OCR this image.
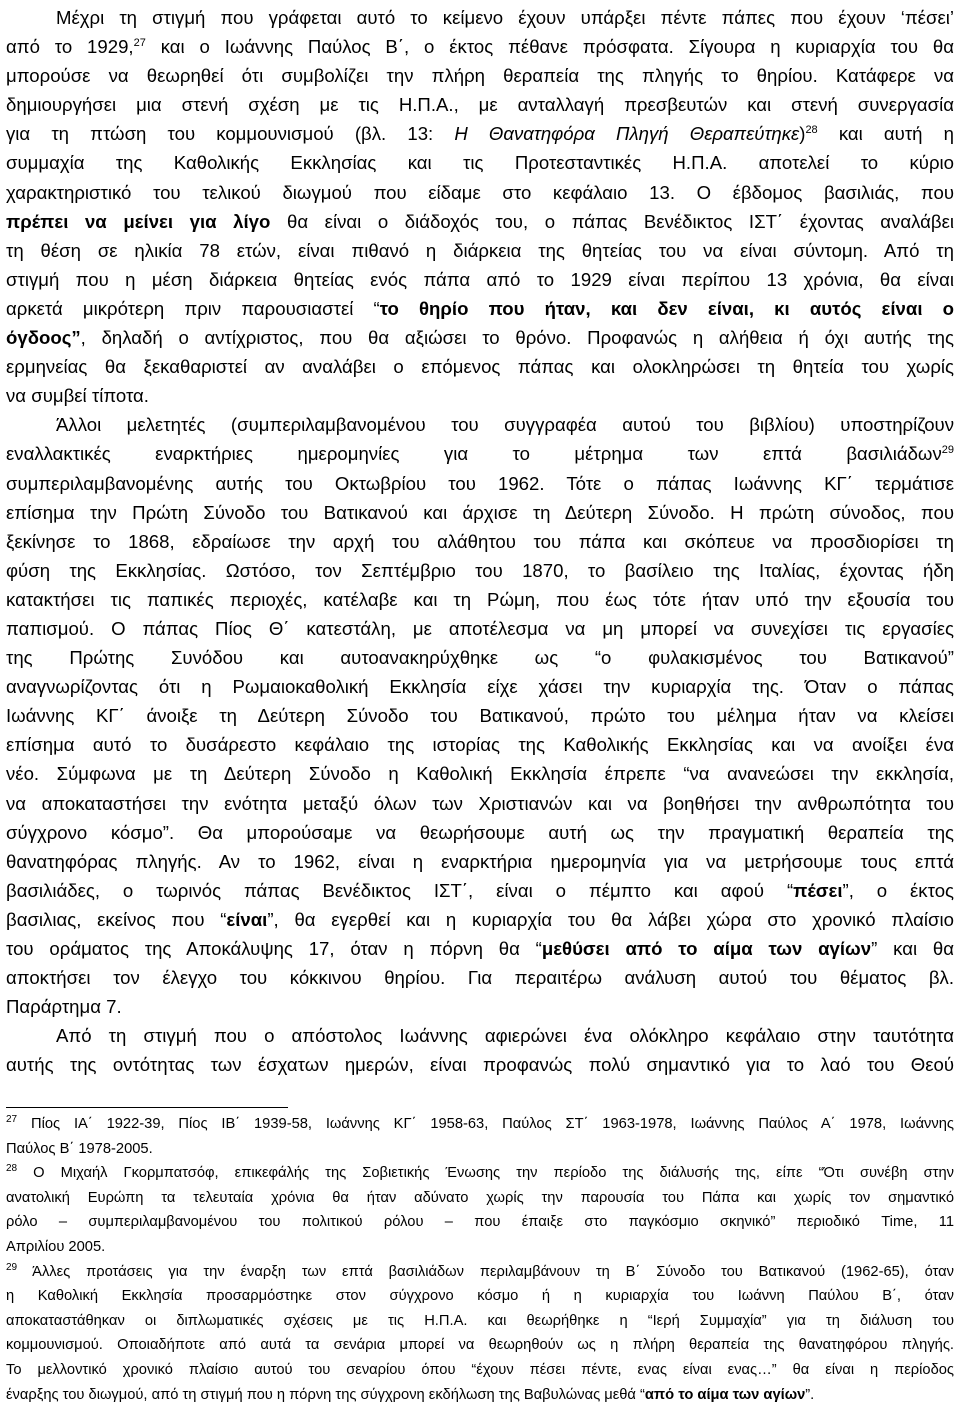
Μέχρι τη στιγμή που γράφεται αυτό το κείμενο έχουν υπάρξει πέντε πάπες που έχουν ‘πέσει’
από το 1929,27 και ο Ιωάννης Παύλος Β΄, ο έκτος πέθανε πρόσφατα. Σίγουρα η κυριαρχία του θα
μπορούσε να θεωρηθεί ότι συμβολίζει την πλήρη θεραπεία της πληγής το θηρίου. Κατάφερε να
δημιουργήσει μια στενή σχέση με τις Η.Π.Α., με ανταλλαγή πρεσβευτών και στενή συνεργασία
για τη πτώση του κομμουνισμού (βλ. 13: Η Θανατηφόρα Πληγή Θεραπεύτηκε)$^{28}$ και αυτή η
συμμαχία της Καθολικής Εκκλησίας και τις Προτεσταντικές Η.Π.Α. αποτελεί το κύριο
χαρακτηριστικό του τελικού διωγμού που είδαμε στο κεφάλαιο 13. Ο έβδομος βασιλιάς, που
πρέπει να μείνει για λίγο θα είναι ο διάδοχός του, ο πάπας Βενέδικτος ΙΣΤ΄ έχοντας αναλάβει
τη θέση σε ηλικία 78 ετών, είναι πιθανό η διάρκεια της θητείας του να είναι σύντομη. Από τη
στιγμή που η μέση διάρκεια θητείας ενός πάπα από το 1929 είναι περίπου 13 χρόνια, θα είναι
αρκετά μικρότερη πριν παρουσιαστεί “το θηρίο που ήταν, και δεν είναι, κι αυτός είναι ο
όγδοος”, δηλαδή ο αντίχριστος, που θα αξιώσει το θρόνο. Προφανώς η αλήθεια ή όχι αυτής της
ερμηνείας θα ξεκαθαριστεί αν αναλάβει ο επόμενος πάπας και ολοκληρώσει τη θητεία του χωρίς
να συμβεί τίποτα.
Άλλοι μελετητές (συμπεριλαμβανομένου του συγγραφέα αυτού του βιβλίου) υποστηρίζουν
εναλλακτικές εναρκτήριες ημερομηνίες για το μέτρημα των επτά βασιλιάδων$^{29}$
συμπεριλαμβανομένης αυτής του Οκτωβρίου του 1962. Τότε ο πάπας Ιωάννης ΚΓ΄ τερμάτισε
επίσημα την Πρώτη Σύνοδο του Βατικανού και άρχισε τη Δεύτερη Σύνοδο. Η πρώτη σύνοδος, που
ξεκίνησε το 1868, εδραίωσε την αρχή του αλάθητου του πάπα και σκόπευε να προσδιορίσει τη
φύση της Εκκλησίας. Ωστόσο, τον Σεπτέμβριο του 1870, το βασίλειο της Ιταλίας, έχοντας ήδη
κατακτήσει τις παπικές περιοχές, κατέλαβε και τη Ρώμη, που έως τότε ήταν υπό την εξουσία του
παπισμού. Ο πάπας Πίος Θ΄ κατεστάλη, με αποτέλεσμα να μη μπορεί να συνεχίσει τις εργασίες
της Πρώτης Συνόδου και αυτοανακηρύχθηκε ως “ο φυλακισμένος του Βατικανού”
αναγνωρίζοντας ότι η Ρωμαιοκαθολική Εκκλησία είχε χάσει την κυριαρχία της. Όταν ο πάπας
Ιωάννης ΚΓ΄ άνοιξε τη Δεύτερη Σύνοδο του Βατικανού, πρώτο του μέλημα ήταν να κλείσει
επίσημα αυτό το δυσάρεστο κεφάλαιο της ιστορίας της Καθολικής Εκκλησίας και να ανοίξει ένα
νέο. Σύμφωνα με τη Δεύτερη Σύνοδο η Καθολική Εκκλησία έπρεπε “να ανανεώσει την εκκλησία,
να αποκαταστήσει την ενότητα μεταξύ όλων των Χριστιανών και να βοηθήσει την ανθρωπότητα του
σύγχρονο κόσμο”. Θα μπορούσαμε να θεωρήσουμε αυτή ως την πραγματική θεραπεία της
θανατηφόρας πληγής. Αν το 1962, είναι η εναρκτήρια ημερομηνία για να μετρήσουμε τους επτά
βασιλιάδες, ο τωρινός πάπας Βενέδικτος ΙΣΤ΄, είναι ο πέμπτο και αφού “πέσει”, ο έκτος
βασιλιας, εκείνος που “είναι”, θα εγερθεί και η κυριαρχία του θα λάβει χώρα στο χρονικό πλαίσιο
του οράματος της Αποκάλυψης 17, όταν η πόρνη θα “μεθύσει από το αίμα των αγίων” και θα
αποκτήσει τον έλεγχο του κόκκινου θηρίου. Για περαιτέρω ανάλυση αυτού του θέματος βλ.
Παράρτημα 7.
Από τη στιγμή που ο απόστολος Ιωάννης αφιερώνει ένα ολόκληρο κεφάλαιο στην ταυτότητα
αυτής της οντότητας των έσχατων ημερών, είναι προφανώς πολύ σημαντικό για το λαό του Θεού
$^{27}$ Πίος ΙΑ΄ 1922-39, Πίος ΙΒ΄ 1939-58, Ιωάννης ΚΓ΄ 1958-63, Παύλος ΣΤ΄ 1963-1978, Ιωάννης Παύλος Α΄ 1978, Ιωάννης
Παύλος Β΄ 1978-2005.
$^{28}$ Ο Μιχαήλ Γκορμπατσόφ, επικεφάλής της Σοβιετικής Ένωσης την περίοδο της διάλυσής της, είπε “Ότι συνέβη στην
ανατολική Ευρώπη τα τελευταία χρόνια θα ήταν αδύνατο χωρίς την παρουσία του Πάπα και χωρίς τον σημαντικό
ρόλο – συμπεριλαμβανομένου του πολιτικού ρόλου – που έπαιξε στο παγκόσμιο σκηνικό” περιοδικό Time, 11
Απριλίου 2005.
$^{29}$ Άλλες προτάσεις για την έναρξη των επτά βασιλιάδων περιλαμβάνουν τη Β΄ Σύνοδο του Βατικανού (1962-65), όταν
η Καθολική Εκκλησία προσαρμόστηκε στον σύγχρονο κόσμο ή η κυριαρχία του Ιωάννη Παύλου Β΄, όταν
αποκαταστάθηκαν οι διπλωματικές σχέσεις με τις Η.Π.Α. και θεωρήθηκε η “Ιερή Συμμαχία” για τη διάλυση του
κομμουνισμού. Οποιαδήποτε από αυτά τα σενάρια μπορεί να θεωρηθούν ως η πλήρη θεραπεία της θανατηφόρου πληγής.
Το μελλοντικό χρονικό πλαίσιο αυτού του σεναρίου όπου “έχουν πέσει πέντε, ενας είναι ενας…” θα είναι η περίοδος
έναρξης του διωγμού, από τη στιγμή που η πόρνη της σύγχρονη εκδήλωση της Βαβυλώνας μεθά “από το αίμα των αγίων”.
